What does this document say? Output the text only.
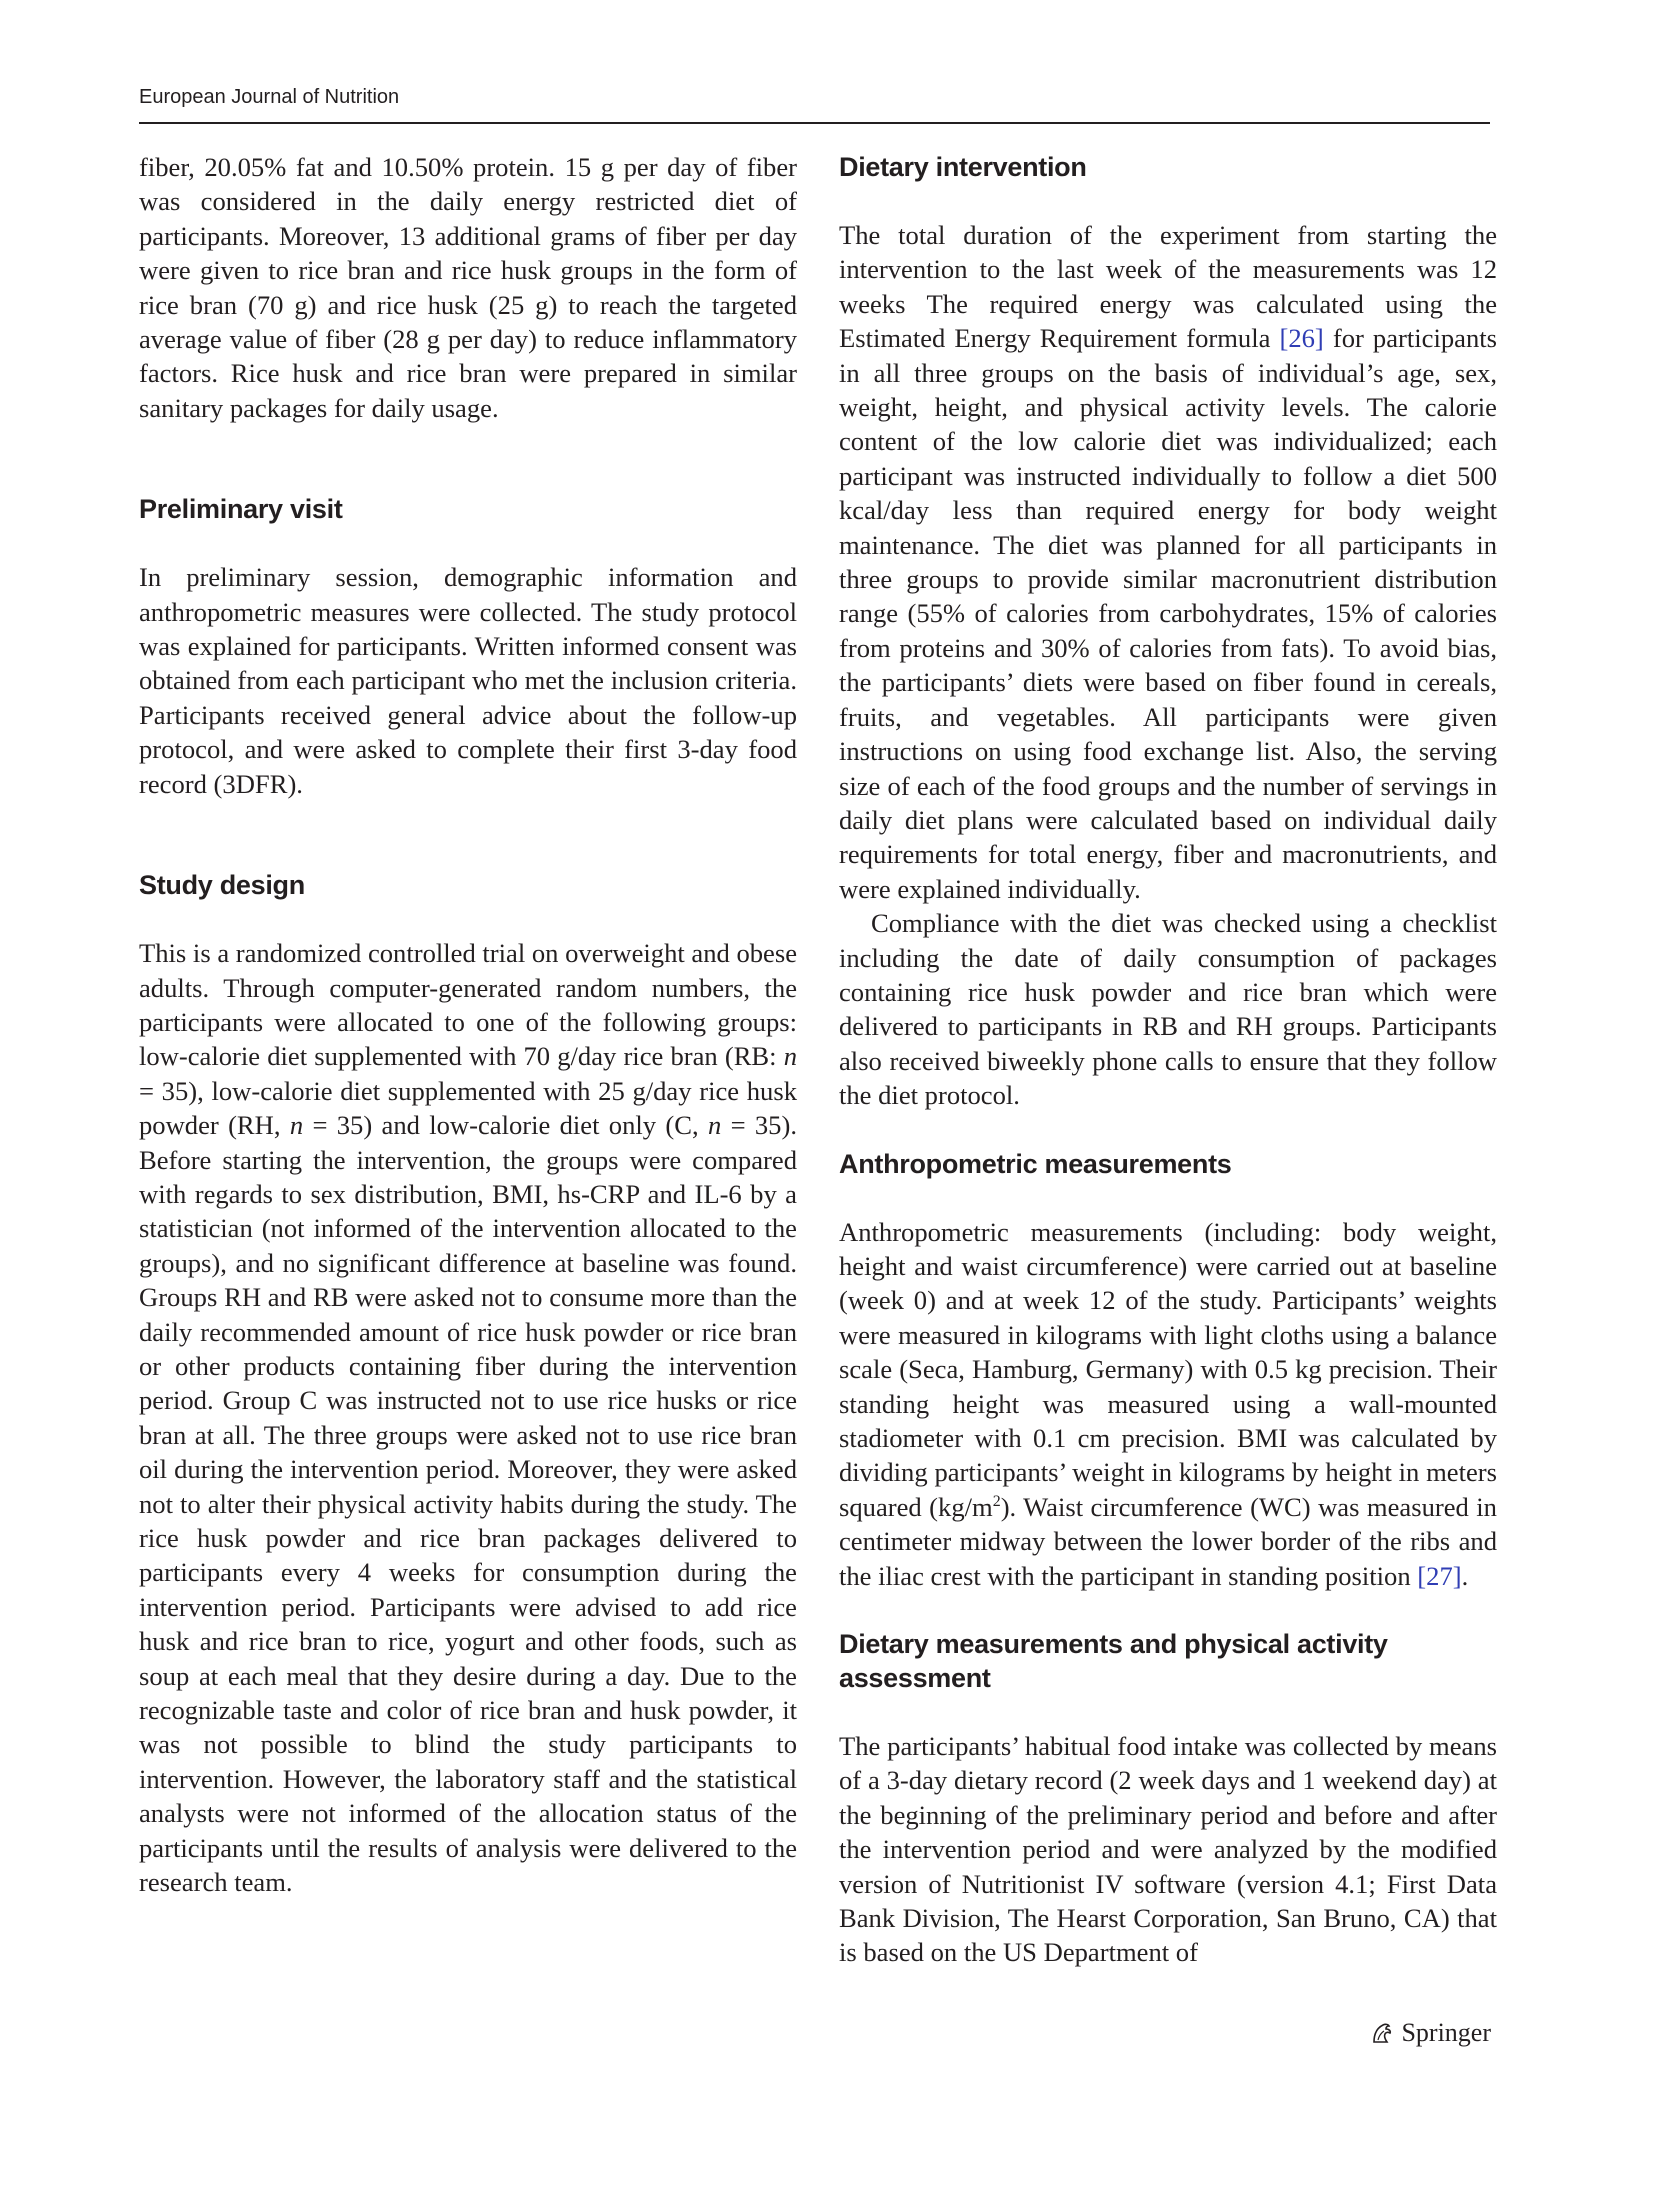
European Journal of Nutrition

fiber, 20.05% fat and 10.50% protein. 15 g per day of fiber was considered in the daily energy restricted diet of participants. Moreover, 13 additional grams of fiber per day were given to rice bran and rice husk groups in the form of rice bran (70 g) and rice husk (25 g) to reach the targeted average value of fiber (28 g per day) to reduce inflammatory factors. Rice husk and rice bran were prepared in similar sanitary packages for daily usage.

Preliminary visit

In preliminary session, demographic information and anthropometric measures were collected. The study protocol was explained for participants. Written informed consent was obtained from each participant who met the inclusion criteria. Participants received general advice about the follow-up protocol, and were asked to complete their first 3-day food record (3DFR).

Study design

This is a randomized controlled trial on overweight and obese adults. Through computer-generated random numbers, the participants were allocated to one of the following groups: low-calorie diet supplemented with 70 g/day rice bran (RB: n = 35), low-calorie diet supplemented with 25 g/day rice husk powder (RH, n = 35) and low-calorie diet only (C, n = 35). Before starting the intervention, the groups were compared with regards to sex distribution, BMI, hs-CRP and IL-6 by a statistician (not informed of the intervention allocated to the groups), and no significant difference at baseline was found. Groups RH and RB were asked not to consume more than the daily recommended amount of rice husk powder or rice bran or other products containing fiber during the intervention period. Group C was instructed not to use rice husks or rice bran at all. The three groups were asked not to use rice bran oil during the intervention period. Moreover, they were asked not to alter their physical activity habits during the study. The rice husk powder and rice bran packages delivered to participants every 4 weeks for consumption during the intervention period. Participants were advised to add rice husk and rice bran to rice, yogurt and other foods, such as soup at each meal that they desire during a day. Due to the recognizable taste and color of rice bran and husk powder, it was not possible to blind the study participants to intervention. However, the laboratory staff and the statistical analysts were not informed of the allocation status of the participants until the results of analysis were delivered to the research team.

Dietary intervention

The total duration of the experiment from starting the intervention to the last week of the measurements was 12 weeks The required energy was calculated using the Estimated Energy Requirement formula [26] for participants in all three groups on the basis of individual’s age, sex, weight, height, and physical activity levels. The calorie content of the low calorie diet was individualized; each participant was instructed individually to follow a diet 500 kcal/day less than required energy for body weight maintenance. The diet was planned for all participants in three groups to provide similar macronutrient distribution range (55% of calories from carbohydrates, 15% of calories from proteins and 30% of calories from fats). To avoid bias, the participants’ diets were based on fiber found in cereals, fruits, and vegetables. All participants were given instructions on using food exchange list. Also, the serving size of each of the food groups and the number of servings in daily diet plans were calculated based on individual daily requirements for total energy, fiber and macronutrients, and were explained individually.

Compliance with the diet was checked using a checklist including the date of daily consumption of packages containing rice husk powder and rice bran which were delivered to participants in RB and RH groups. Participants also received biweekly phone calls to ensure that they follow the diet protocol.

Anthropometric measurements

Anthropometric measurements (including: body weight, height and waist circumference) were carried out at baseline (week 0) and at week 12 of the study. Participants’ weights were measured in kilograms with light cloths using a balance scale (Seca, Hamburg, Germany) with 0.5 kg precision. Their standing height was measured using a wall-mounted stadiometer with 0.1 cm precision. BMI was calculated by dividing participants’ weight in kilograms by height in meters squared $(kg/m^2)$. Waist circumference (WC) was measured in centimeter midway between the lower border of the ribs and the iliac crest with the participant in standing position [27].

Dietary measurements and physical activity assessment

The participants’ habitual food intake was collected by means of a 3-day dietary record (2 week days and 1 weekend day) at the beginning of the preliminary period and before and after the intervention period and were analyzed by the modified version of Nutritionist IV software (version 4.1; First Data Bank Division, The Hearst Corporation, San Bruno, CA) that is based on the US Department of

Springer
